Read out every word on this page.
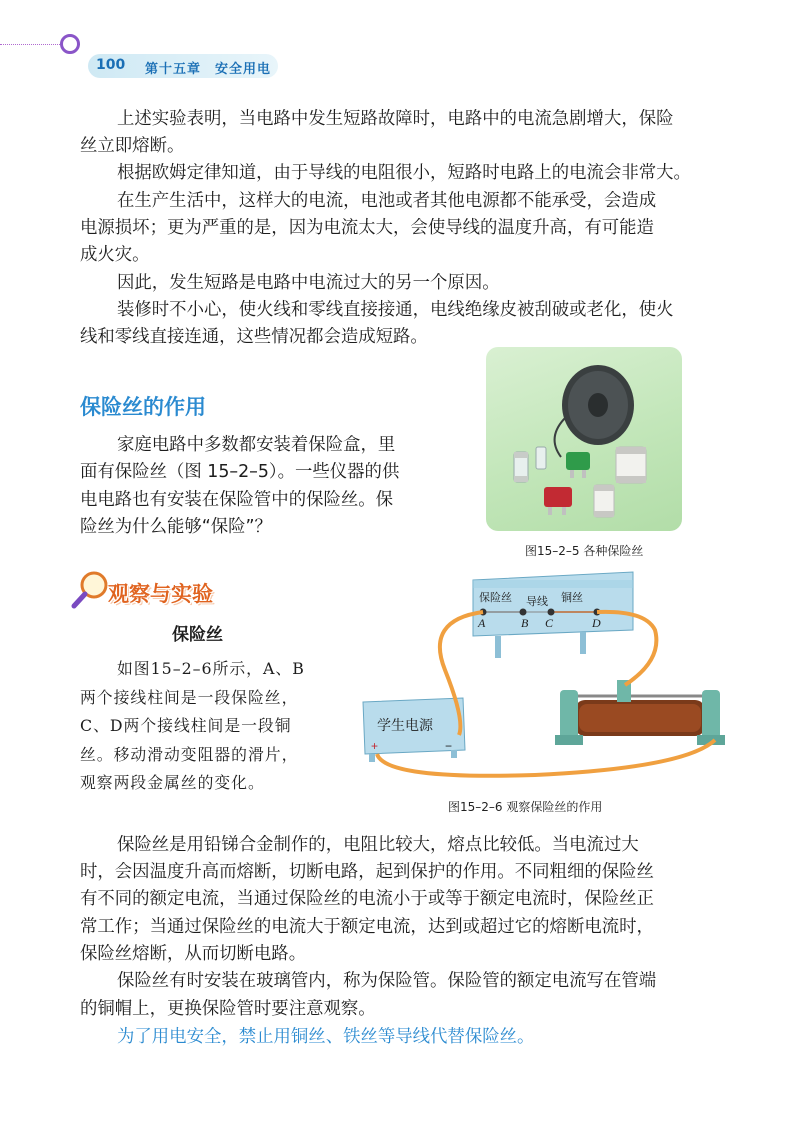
100 第十五章　安全用电
上述实验表明，当电路中发生短路故障时，电路中的电流急剧增大，保险
丝立即熔断。
根据欧姆定律知道，由于导线的电阻很小，短路时电路上的电流会非常大。
在生产生活中，这样大的电流，电池或者其他电源都不能承受，会造成
电源损坏；更为严重的是，因为电流太大，会使导线的温度升高，有可能造
成火灾。
因此，发生短路是电路中电流过大的另一个原因。
装修时不小心，使火线和零线直接接通，电线绝缘皮被刮破或老化，使火
线和零线直接连通，这些情况都会造成短路。
保险丝的作用
家庭电路中多数都安装着保险盒，里
面有保险丝（图 15–2–5）。一些仪器的供
电电路也有安装在保险管中的保险丝。保
险丝为什么能够“保险”？
图15–2–5 各种保险丝
观察与实验
保险丝
如图15–2–6所示，A、B
两个接线柱间是一段保险丝，
C、D两个接线柱间是一段铜
丝。移动滑动变阻器的滑片，
观察两段金属丝的变化。
保险丝 导线 铜丝
A	B C	D
学生电源
+	−
图15–2–6 观察保险丝的作用
保险丝是用铅锑合金制作的，电阻比较大，熔点比较低。当电流过大
时，会因温度升高而熔断，切断电路，起到保护的作用。不同粗细的保险丝
有不同的额定电流，当通过保险丝的电流小于或等于额定电流时，保险丝正
常工作；当通过保险丝的电流大于额定电流，达到或超过它的熔断电流时，
保险丝熔断，从而切断电路。
保险丝有时安装在玻璃管内，称为保险管。保险管的额定电流写在管端
的铜帽上，更换保险管时要注意观察。
为了用电安全，禁止用铜丝、铁丝等导线代替保险丝。
